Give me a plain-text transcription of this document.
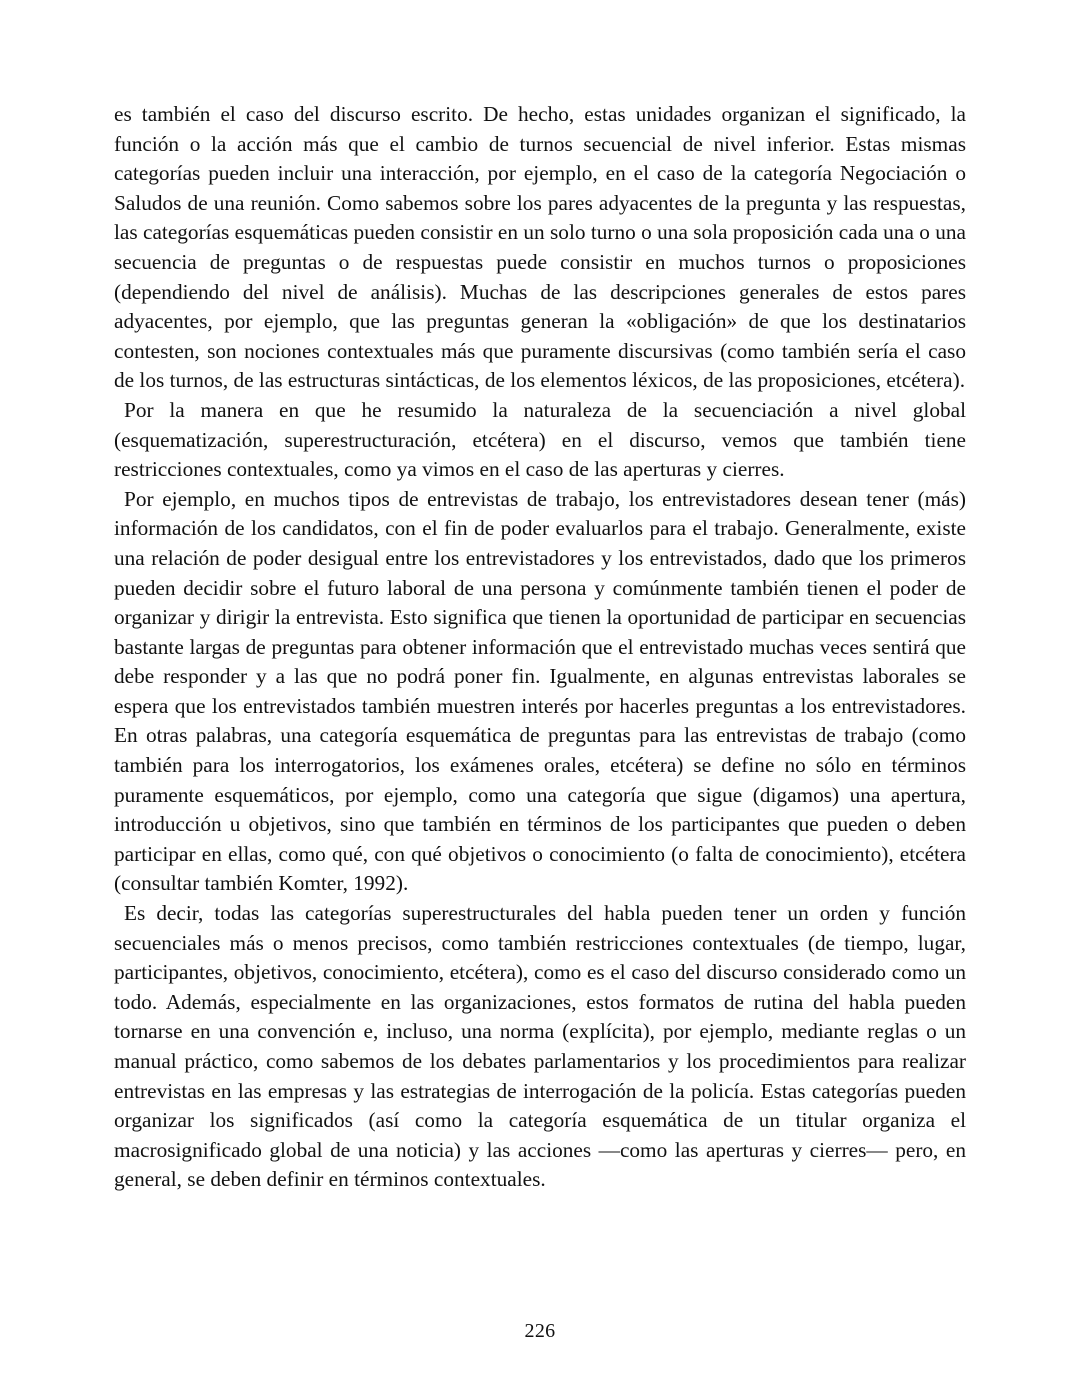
es también el caso del discurso escrito. De hecho, estas unidades organizan el significado, la función o la acción más que el cambio de turnos secuencial de nivel inferior. Estas mismas categorías pueden incluir una interacción, por ejemplo, en el caso de la categoría Negociación o Saludos de una reunión. Como sabemos sobre los pares adyacentes de la pregunta y las respuestas, las categorías esquemáticas pueden consistir en un solo turno o una sola proposición cada una o una secuencia de preguntas o de respuestas puede consistir en muchos turnos o proposiciones (dependiendo del nivel de análisis). Muchas de las descripciones generales de estos pares adyacentes, por ejemplo, que las preguntas generan la «obligación» de que los destinatarios contesten, son nociones contextuales más que puramente discursivas (como también sería el caso de los turnos, de las estructuras sintácticas, de los elementos léxicos, de las proposiciones, etcétera).

Por la manera en que he resumido la naturaleza de la secuenciación a nivel global (esquematización, superestructuración, etcétera) en el discurso, vemos que también tiene restricciones contextuales, como ya vimos en el caso de las aperturas y cierres.

Por ejemplo, en muchos tipos de entrevistas de trabajo, los entrevistadores desean tener (más) información de los candidatos, con el fin de poder evaluarlos para el trabajo. Generalmente, existe una relación de poder desigual entre los entrevistadores y los entrevistados, dado que los primeros pueden decidir sobre el futuro laboral de una persona y comúnmente también tienen el poder de organizar y dirigir la entrevista. Esto significa que tienen la oportunidad de participar en secuencias bastante largas de preguntas para obtener información que el entrevistado muchas veces sentirá que debe responder y a las que no podrá poner fin. Igualmente, en algunas entrevistas laborales se espera que los entrevistados también muestren interés por hacerles preguntas a los entrevistadores. En otras palabras, una categoría esquemática de preguntas para las entrevistas de trabajo (como también para los interrogatorios, los exámenes orales, etcétera) se define no sólo en términos puramente esquemáticos, por ejemplo, como una categoría que sigue (digamos) una apertura, introducción u objetivos, sino que también en términos de los participantes que pueden o deben participar en ellas, como qué, con qué objetivos o conocimiento (o falta de conocimiento), etcétera (consultar también Komter, 1992).

Es decir, todas las categorías superestructurales del habla pueden tener un orden y función secuenciales más o menos precisos, como también restricciones contextuales (de tiempo, lugar, participantes, objetivos, conocimiento, etcétera), como es el caso del discurso considerado como un todo. Además, especialmente en las organizaciones, estos formatos de rutina del habla pueden tornarse en una convención e, incluso, una norma (explícita), por ejemplo, mediante reglas o un manual práctico, como sabemos de los debates parlamentarios y los procedimientos para realizar entrevistas en las empresas y las estrategias de interrogación de la policía. Estas categorías pueden organizar los significados (así como la categoría esquemática de un titular organiza el macrosignificado global de una noticia) y las acciones —como las aperturas y cierres— pero, en general, se deben definir en términos contextuales.

226
